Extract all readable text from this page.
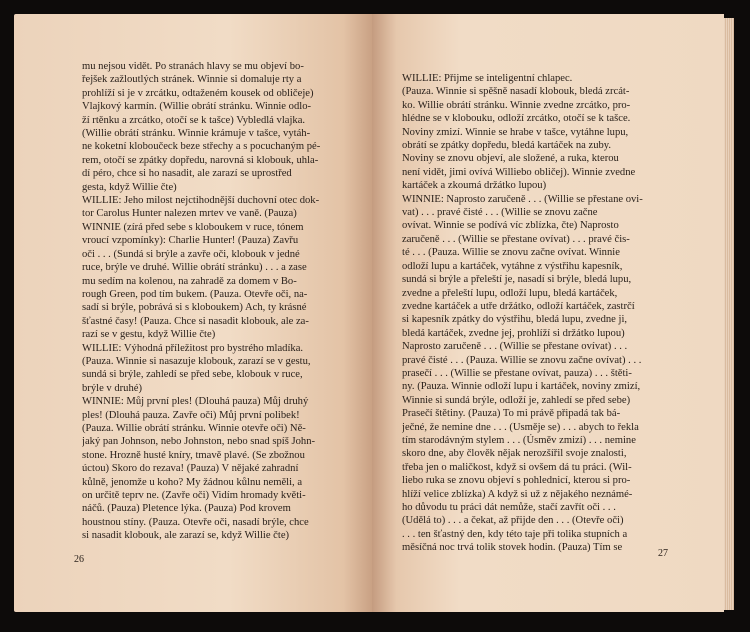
mu nejsou vidět. Po stranách hlavy se mu objeví bo-
řejšek zažloutlých stránek. Winnie si domaluje rty a
prohlíží si je v zrcátku, odtaženém kousek od obličeje)
Vlajkový karmín. (Willie obrátí stránku. Winnie odlo-
ží rtěnku a zrcátko, otočí se k tašce) Vybledlá vlajka.
(Willie obrátí stránku. Winnie krámuje v tašce, vytáh-
ne koketní kloboučeck beze střechy a s pocuchaným pé-
rem, otočí se zpátky dopředu, narovná si klobouk, uhla-
dí péro, chce si ho nasadit, ale zarazí se uprostřed
gesta, když Willie čte)
WILLIE: Jeho milost nejctihodnější duchovní otec dok-
tor Carolus Hunter nalezen mrtev ve vaně. (Pauza)
WINNIE (zírá před sebe s kloboukem v ruce, tónem
vroucí vzpomínky): Charlie Hunter! (Pauza) Zavřu
oči . . . (Sundá si brýle a zavře oči, klobouk v jedné
ruce, brýle ve druhé. Willie obrátí stránku) . . . a zase
mu sedím na kolenou, na zahradě za domem v Bo-
rough Green, pod tím bukem. (Pauza. Otevře oči, na-
sadí si brýle, pobrává si s kloboukem) Ach, ty krásné
šťastné časy! (Pauza. Chce si nasadit klobouk, ale za-
razí se v gestu, když Willie čte)
WILLIE: Výhodná příležitost pro bystrého mladíka.
(Pauza. Winnie si nasazuje klobouk, zarazí se v gestu,
sundá si brýle, zahledí se před sebe, klobouk v ruce,
brýle v druhé)
WINNIE: Můj první ples! (Dlouhá pauza) Můj druhý
ples! (Dlouhá pauza. Zavře oči) Můj první polibek!
(Pauza. Willie obrátí stránku. Winnie otevře oči) Ně-
jaký pan Johnson, nebo Johnston, nebo snad spíš John-
stone. Hrozně husté kníry, tmavě plavé. (Se zbožnou
úctou) Skoro do rezava! (Pauza) V nějaké zahradní
kůlně, jenomže u koho? My žádnou kůlnu neměli, a
on určitě teprv ne. (Zavře oči) Vidím hromady květi-
náčů. (Pauza) Pletence lýka. (Pauza) Pod krovem
houstnou stíny. (Pauza. Otevře oči, nasadí brýle, chce
si nasadit klobouk, ale zarazí se, když Willie čte)
26
WILLIE: Přijme se inteligentní chlapec.
(Pauza. Winnie si spěšně nasadí klobouk, bledá zrcát-
ko. Willie obrátí stránku. Winnie zvedne zrcátko, pro-
hlédne se v klobouku, odloží zrcátko, otočí se k tašce.
Noviny zmizí. Winnie se hrabe v tašce, vytáhne lupu,
obrátí se zpátky dopředu, bledá kartáček na zuby.
Noviny se znovu objeví, ale složené, a ruka, kterou
není vidět, jimi ovívá Williebo obličej). Winnie zvedne
kartáček a zkoumá držátko lupou)
WINNIE: Naprosto zaručeně . . . (Willie se přestane ovi-
vat) . . . pravé čisté . . . (Willie se znovu začne
ovívat. Winnie se podívá víc zblízka, čte) Naprosto
zaručeně . . . (Willie se přestane ovívat) . . . pravé čis-
té . . . (Pauza. Willie se znovu začne ovívat. Winnie
odloží lupu a kartáček, vytáhne z výstřihu kapesník,
sundá si brýle a přeleští je, nasadí si brýle, bledá lupu,
zvedne a přeleští lupu, odloží lupu, bledá kartáček,
zvedne kartáček a utře držátko, odloží kartáček, zastrčí
si kapesník zpátky do výstřihu, bledá lupu, zvedne ji,
bledá kartáček, zvedne jej, prohlíží si držátko lupou)
Naprosto zaručeně . . . (Willie se přestane ovívat) . . .
pravé čisté . . . (Pauza. Willie se znovu začne ovívat) . . .
prasečí . . . (Willie se přestane ovívat, pauza) . . . štěti-
ny. (Pauza. Winnie odloží lupu i kartáček, noviny zmizí,
Winnie si sundá brýle, odloží je, zahledí se před sebe)
Prasečí štětiny. (Pauza) To mi právě připadá tak bá-
ječné, že nemine dne . . . (Usměje se) . . . abych to řekla
tím starodávným stylem . . . (Úsměv zmizí) . . . nemine
skoro dne, aby člověk nějak nerozšířil svoje znalosti,
třeba jen o maličkost, když si ovšem dá tu práci. (Wil-
liebo ruka se znovu objeví s pohlednicí, kterou si pro-
hlíží velice zblízka) A když si už z nějakého neznámé-
ho důvodu tu práci dát nemůže, stačí zavřít oči . . .
(Udělá to) . . . a čekat, až přijde den . . . (Otevře oči)
. . . ten šťastný den, kdy této taje při tolika stupních a
měsíčná noc trvá tolik stovek hodin. (Pauza) Tím se
27
